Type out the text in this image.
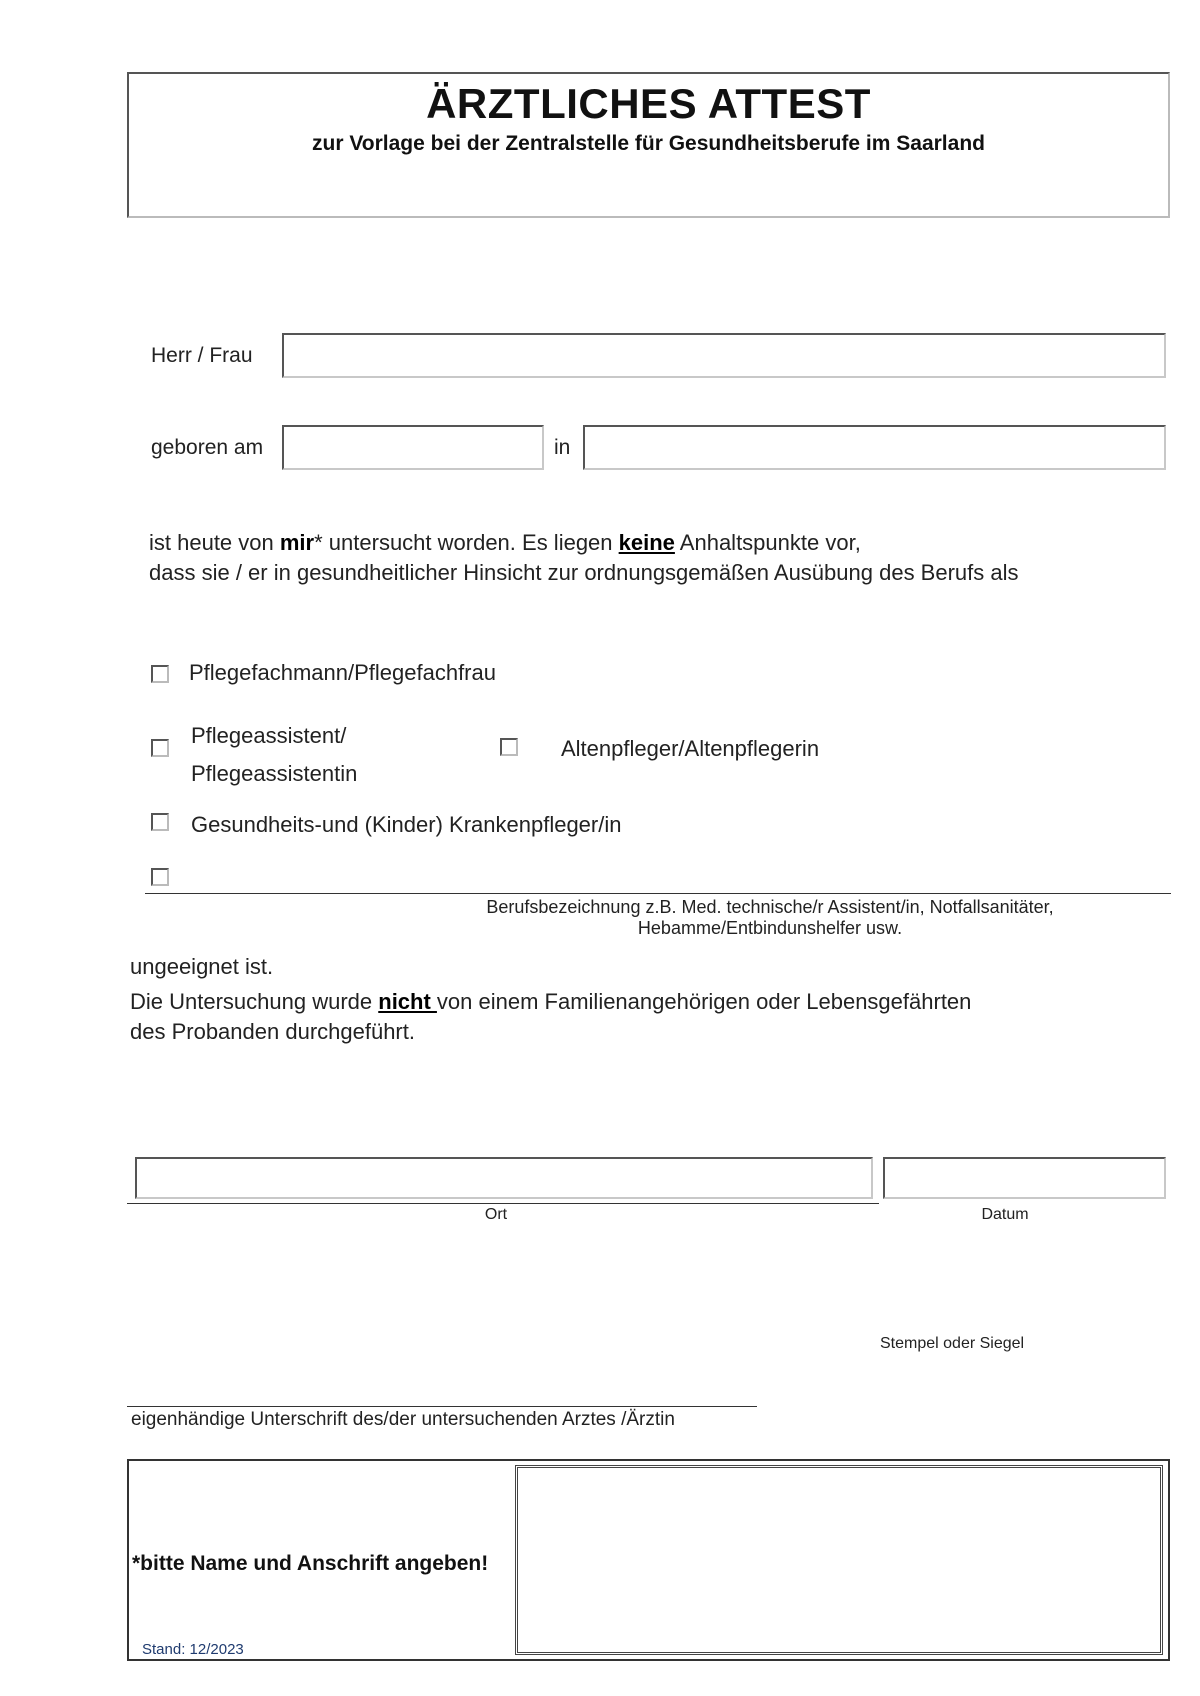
ÄRZTLICHES ATTEST
zur Vorlage bei der Zentralstelle für Gesundheitsberufe im Saarland
Herr / Frau
geboren am	in
ist heute von mir* untersucht worden. Es liegen keine Anhaltspunkte vor,
dass sie / er in gesundheitlicher Hinsicht zur ordnungsgemäßen Ausübung des Berufs als
Pflegefachmann/Pflegefachfrau
Pflegeassistent/
Pflegeassistentin
Altenpfleger/Altenpflegerin
Gesundheits-und (Kinder) Krankenpfleger/in
Berufsbezeichnung z.B. Med. technische/r Assistent/in, Notfallsanitäter,
Hebamme/Entbindunshelfer usw.
ungeeignet ist.
Die Untersuchung wurde nicht von einem Familienangehörigen oder Lebensgefährten
des Probanden durchgeführt.
Ort	Datum
Stempel oder Siegel
eigenhändige Unterschrift des/der untersuchenden Arztes /Ärztin
*bitte Name und Anschrift angeben!
Stand: 12/2023
